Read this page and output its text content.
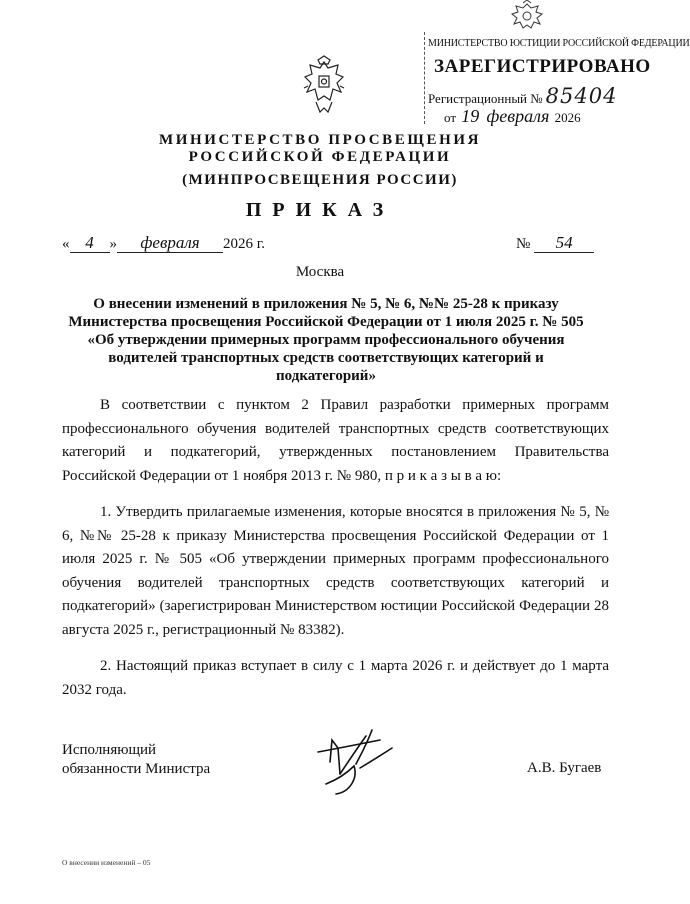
МИНИСТЕРСТВО ЮСТИЦИИ РОССИЙСКОЙ ФЕДЕРАЦИИ
ЗАРЕГИСТРИРОВАНО
Регистрационный № 85404
от 19 февраля 2026
МИНИСТЕРСТВО ПРОСВЕЩЕНИЯ
РОССИЙСКОЙ ФЕДЕРАЦИИ
(МИНПРОСВЕЩЕНИЯ РОССИИ)
ПРИКАЗ
« 4 » февраля 2026 г.	№ 54
Москва
О внесении изменений в приложения № 5, № 6, №№ 25-28 к приказу Министерства просвещения Российской Федерации от 1 июля 2025 г. № 505 «Об утверждении примерных программ профессионального обучения водителей транспортных средств соответствующих категорий и подкатегорий»

В соответствии с пунктом 2 Правил разработки примерных программ профессионального обучения водителей транспортных средств соответствующих категорий и подкатегорий, утвержденных постановлением Правительства Российской Федерации от 1 ноября 2013 г. № 980, п р и к а з ы в а ю:

1. Утвердить прилагаемые изменения, которые вносятся в приложения № 5, № 6, №№ 25-28 к приказу Министерства просвещения Российской Федерации от 1 июля 2025 г. № 505 «Об утверждении примерных программ профессионального обучения водителей транспортных средств соответствующих категорий и подкатегорий» (зарегистрирован Министерством юстиции Российской Федерации 28 августа 2025 г., регистрационный № 83382).

2. Настоящий приказ вступает в силу с 1 марта 2026 г. и действует до 1 марта 2032 года.

Исполняющий
обязанности Министра	А.В. Бугаев
О внесении изменений – 05
